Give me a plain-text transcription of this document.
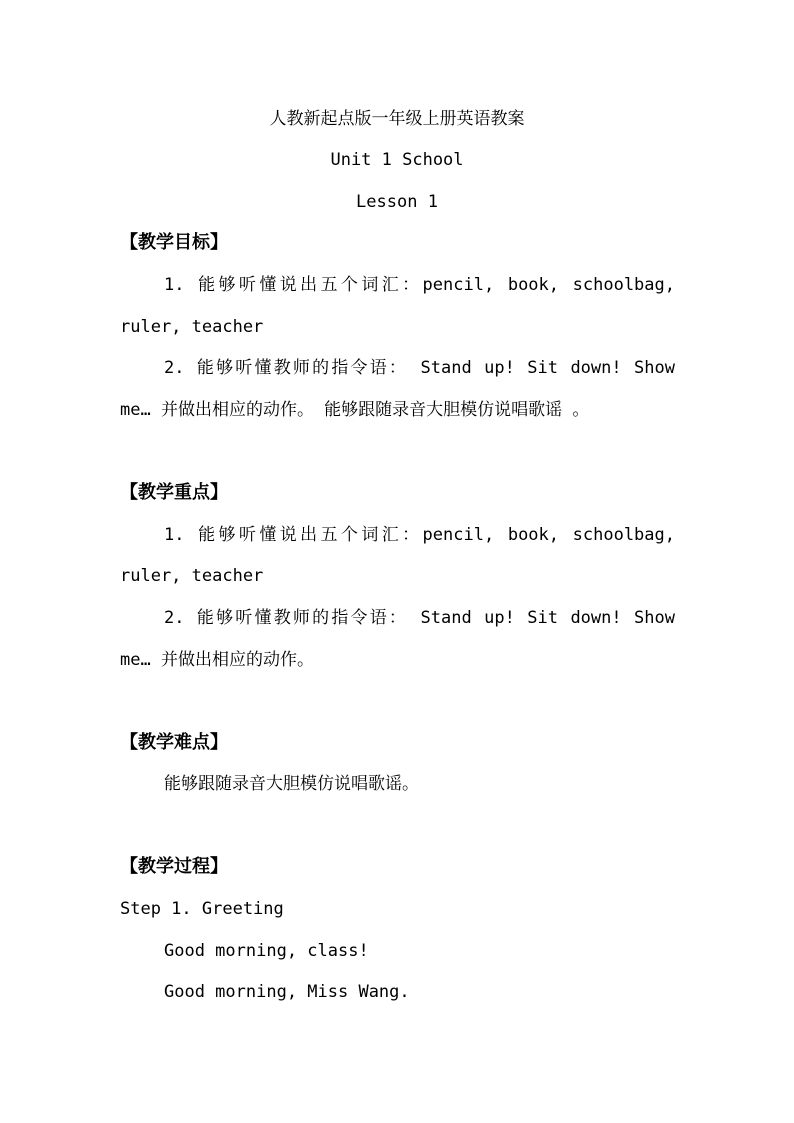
人教新起点版一年级上册英语教案
Unit 1 School
Lesson 1
【教学目标】
1. 能够听懂说出五个词汇：pencil, book, schoolbag,
ruler, teacher
2. 能够听懂教师的指令语： Stand up! Sit down! Show
me… 并做出相应的动作。 能够跟随录音大胆模仿说唱歌谣 。
【教学重点】
1. 能够听懂说出五个词汇：pencil, book, schoolbag,
ruler, teacher
2. 能够听懂教师的指令语： Stand up! Sit down! Show
me… 并做出相应的动作。
【教学难点】
能够跟随录音大胆模仿说唱歌谣。
【教学过程】
Step 1. Greeting
Good morning, class!
Good morning, Miss Wang.
